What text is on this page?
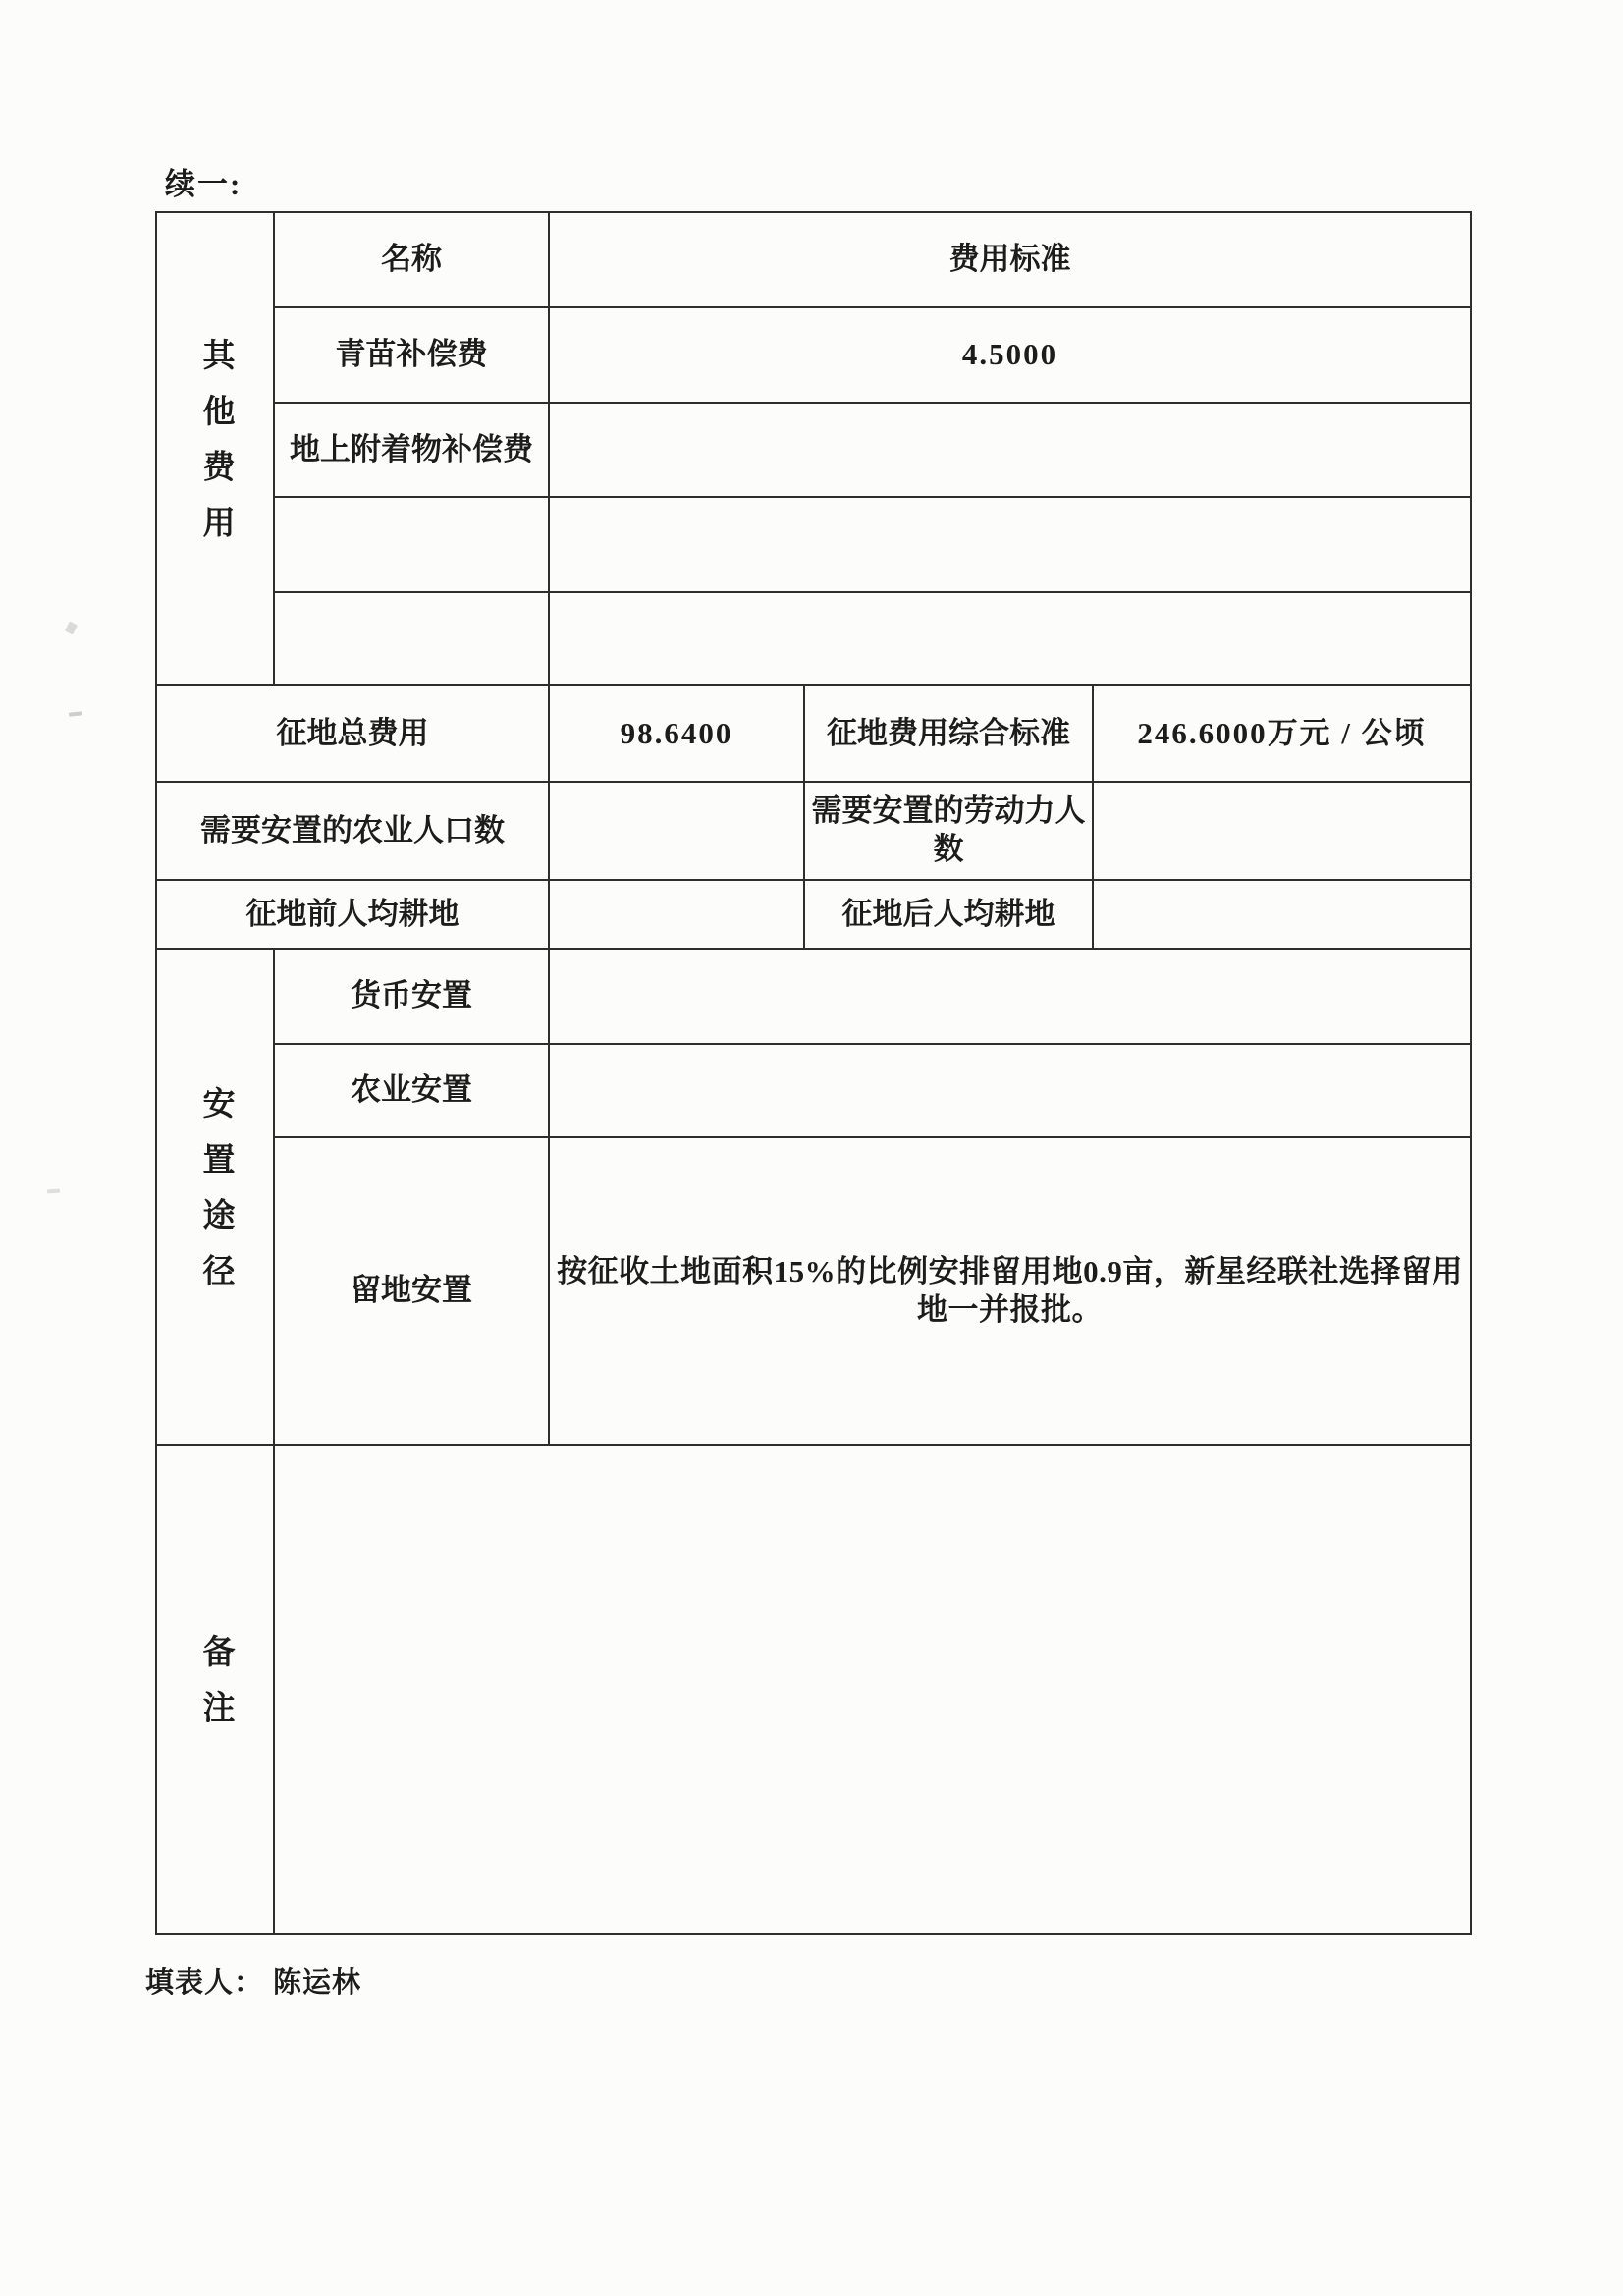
续一:
其他费用	名称	费用标准		
	青苗补偿费	4.5000		
	地上附着物补偿费			

征地总费用		98.6400	征地费用综合标准	246.6000万元 / 公顷
需要安置的农业人口数			需要安置的劳动力人数	
征地前人均耕地			征地后人均耕地	
安置途径	货币安置			
	农业安置			
	留地安置	按征收土地面积15%的比例安排留用地0.9亩，新星经联社选择留用地一并报批。		
备注				
填表人： 陈运林
